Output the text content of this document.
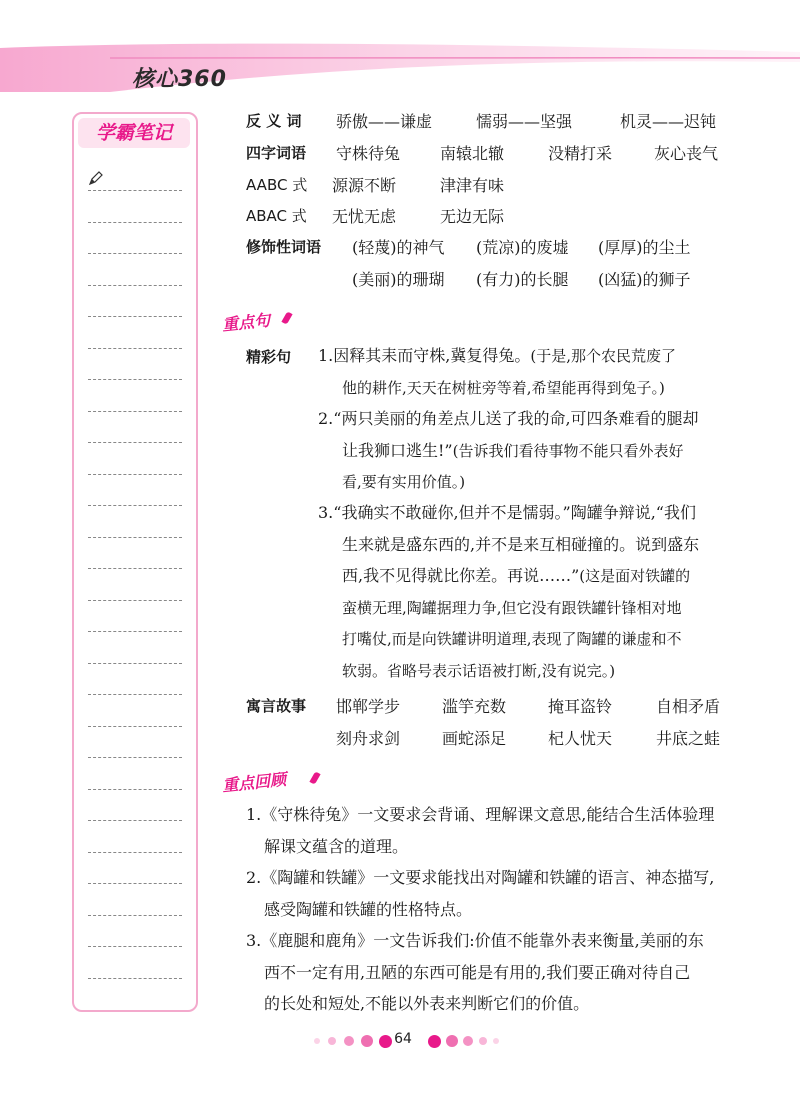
核心360
学霸笔记
反 义 词 骄傲——谦虚	懦弱——坚强	机灵——迟钝
四字词语 守株待兔 南辕北辙	没精打采	灰心丧气
AABC 式 源源不断	津津有味
ABAC 式 无忧无虑	无边无际
修饰性词语 (轻蔑)的神气 (荒凉)的废墟 (厚厚)的尘土
(美丽)的珊瑚 (有力)的长腿 (凶猛)的狮子
重点句
精彩句 1.因释其耒而守株,冀复得兔。(于是,那个农民荒废了
他的耕作,天天在树桩旁等着,希望能再得到兔子。)
2.“两只美丽的角差点儿送了我的命,可四条难看的腿却
让我狮口逃生!”(告诉我们看待事物不能只看外表好
看,要有实用价值。)
3.“我确实不敢碰你,但并不是懦弱。”陶罐争辩说,“我们
生来就是盛东西的,并不是来互相碰撞的。说到盛东
西,我不见得就比你差。再说……”(这是面对铁罐的
蛮横无理,陶罐据理力争,但它没有跟铁罐针锋相对地
打嘴仗,而是向铁罐讲明道理,表现了陶罐的谦虚和不
软弱。省略号表示话语被打断,没有说完。)
寓言故事 邯郸学步	滥竽充数	掩耳盗铃	自相矛盾
刻舟求剑	画蛇添足	杞人忧天	井底之蛙
重点回顾
1.《守株待兔》一文要求会背诵、理解课文意思,能结合生活体验理
解课文蕴含的道理。
2.《陶罐和铁罐》一文要求能找出对陶罐和铁罐的语言、神态描写,
感受陶罐和铁罐的性格特点。
3.《鹿腿和鹿角》一文告诉我们:价值不能靠外表来衡量,美丽的东
西不一定有用,丑陋的东西可能是有用的,我们要正确对待自己
的长处和短处,不能以外表来判断它们的价值。
64
